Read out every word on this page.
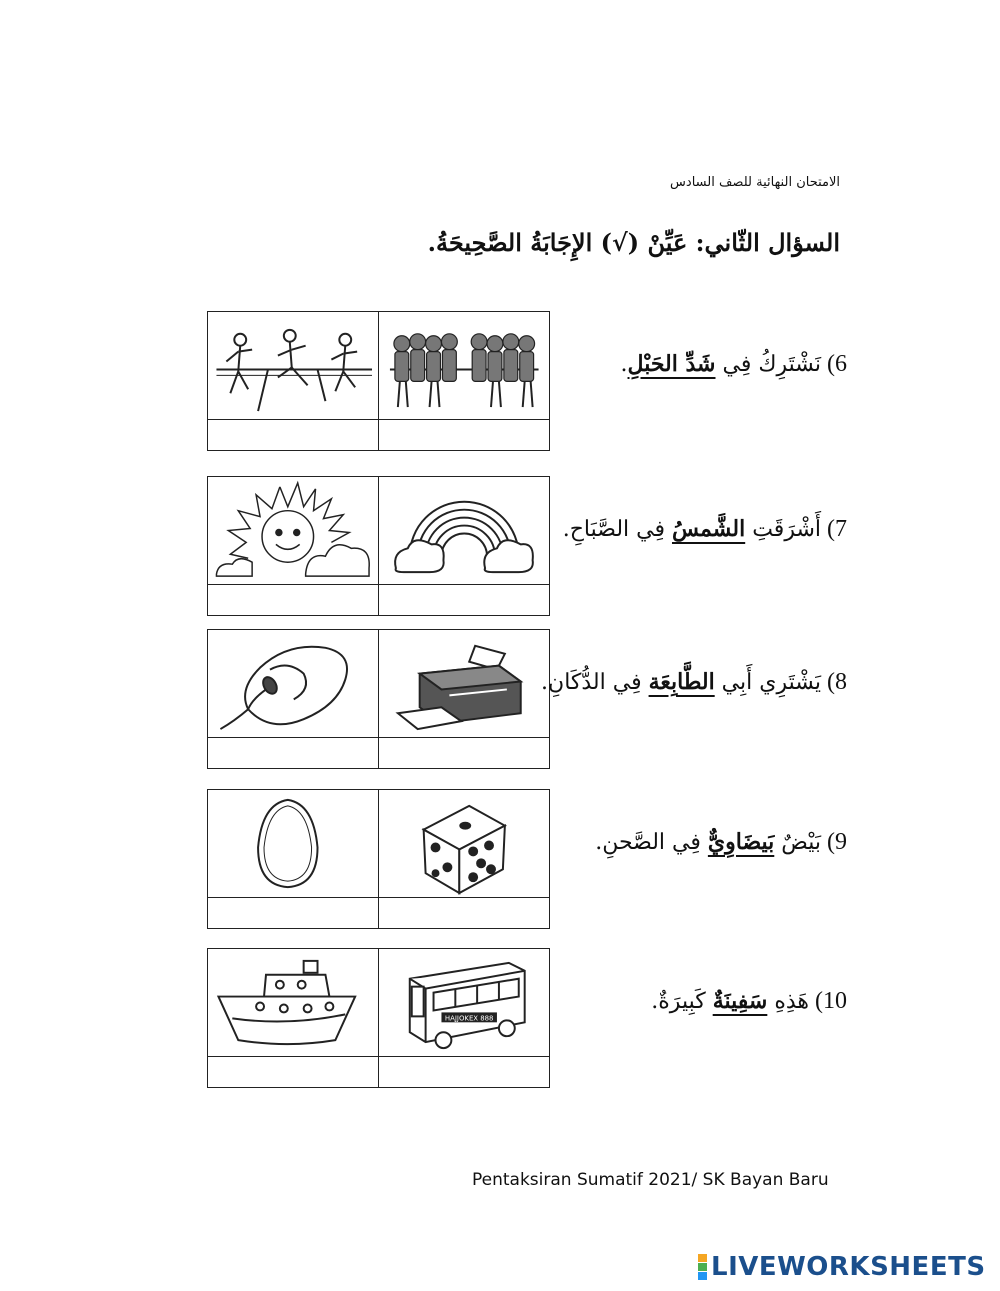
الامتحان النهائية للصف السادس
السؤال الثّاني: عَيِّنْ (√) الإِجَابَةُ الصَّحِيحَةُ.
6)نَشْتَرِكُ فِي شَدِّ الحَبْلِ.
7)أَشْرَقَتِ الشَّمسُ فِي الصَّبَاحِ.
8)يَشْتَرِي أَبِي الطَّابِعَة فِي الدُّكَانِ.
9)بَيْضٌ بَيضَاوِيٌّ فِي الصَّحنِ.
HAJJOKEX 888
10)هَذِهِ سَفِينَةٌ كَبِيرَةٌ.
Pentaksiran Sumatif 2021/ SK Bayan Baru
LIVEWORKSHEETS
